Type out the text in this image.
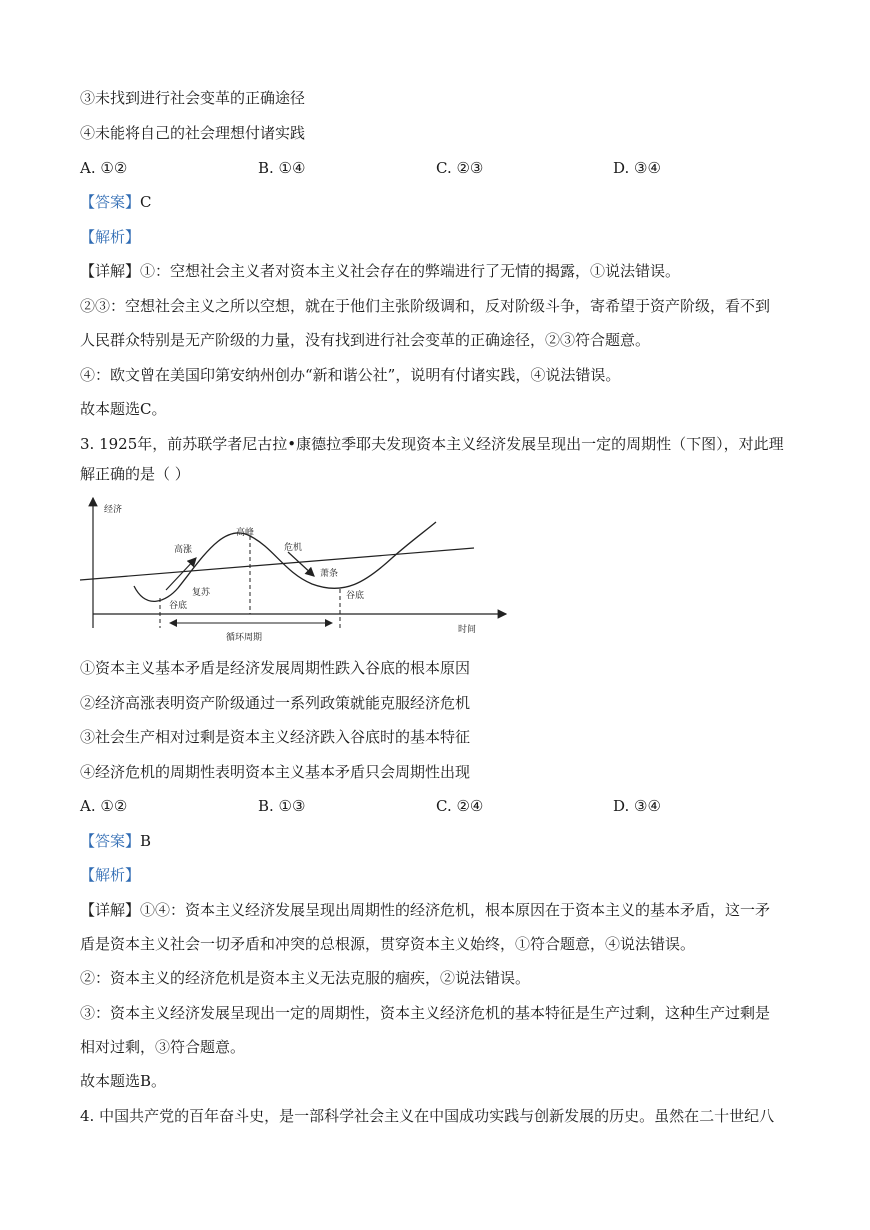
③未找到进行社会变革的正确途径
④未能将自己的社会理想付诸实践
A. ①②	B. ①④	C. ②③	D. ③④
【答案】C
【解析】
【详解】①：空想社会主义者对资本主义社会存在的弊端进行了无情的揭露，①说法错误。
②③：空想社会主义之所以空想，就在于他们主张阶级调和，反对阶级斗争，寄希望于资产阶级，看不到
人民群众特别是无产阶级的力量，没有找到进行社会变革的正确途径，②③符合题意。
④：欧文曾在美国印第安纳州创办“新和谐公社”，说明有付诸实践，④说法错误。
故本题选C。
3. 1925年，前苏联学者尼古拉•康德拉季耶夫发现资本主义经济发展呈现出一定的周期性（下图），对此理
解正确的是（ ）
经济
时间
高涨
高峰
危机
复苏
谷底
萧条
谷底
循环周期
①资本主义基本矛盾是经济发展周期性跌入谷底的根本原因
②经济高涨表明资产阶级通过一系列政策就能克服经济危机
③社会生产相对过剩是资本主义经济跌入谷底时的基本特征
④经济危机的周期性表明资本主义基本矛盾只会周期性出现
A. ①②	B. ①③	C. ②④	D. ③④
【答案】B
【解析】
【详解】①④：资本主义经济发展呈现出周期性的经济危机，根本原因在于资本主义的基本矛盾，这一矛
盾是资本主义社会一切矛盾和冲突的总根源，贯穿资本主义始终，①符合题意，④说法错误。
②：资本主义的经济危机是资本主义无法克服的痼疾，②说法错误。
③：资本主义经济发展呈现出一定的周期性，资本主义经济危机的基本特征是生产过剩，这种生产过剩是
相对过剩，③符合题意。
故本题选B。
4. 中国共产党的百年奋斗史，是一部科学社会主义在中国成功实践与创新发展的历史。虽然在二十世纪八
